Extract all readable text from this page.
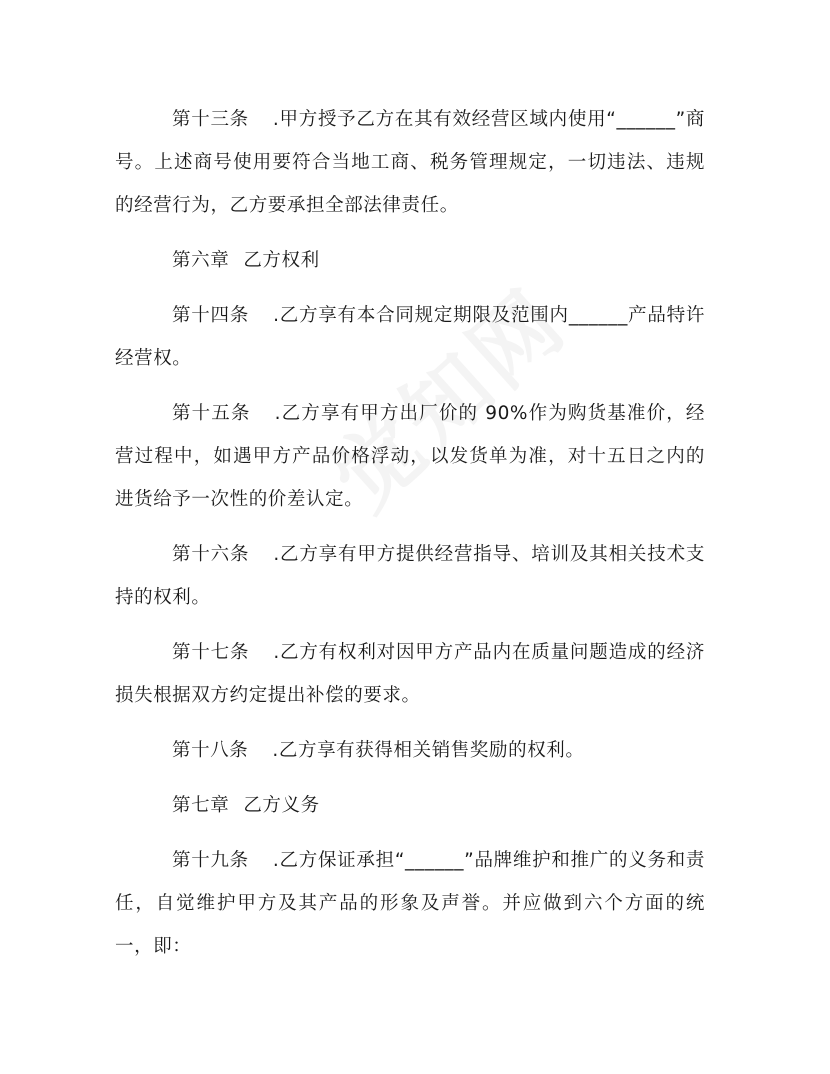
第十三条 .甲方授予乙方在其有效经营区域内使用“______”商号。上述商号使用要符合当地工商、税务管理规定，一切违法、违规的经营行为，乙方要承担全部法律责任。

第六章 乙方权利

第十四条 .乙方享有本合同规定期限及范围内______产品特许经营权。

第十五条 .乙方享有甲方出厂价的 90%作为购货基准价，经营过程中，如遇甲方产品价格浮动，以发货单为准，对十五日之内的进货给予一次性的价差认定。

第十六条 .乙方享有甲方提供经营指导、培训及其相关技术支持的权利。

第十七条 .乙方有权利对因甲方产品内在质量问题造成的经济损失根据双方约定提出补偿的要求。

第十八条 .乙方享有获得相关销售奖励的权利。

第七章 乙方义务

第十九条 .乙方保证承担“______”品牌维护和推广的义务和责任，自觉维护甲方及其产品的形象及声誉。并应做到六个方面的统一，即：
